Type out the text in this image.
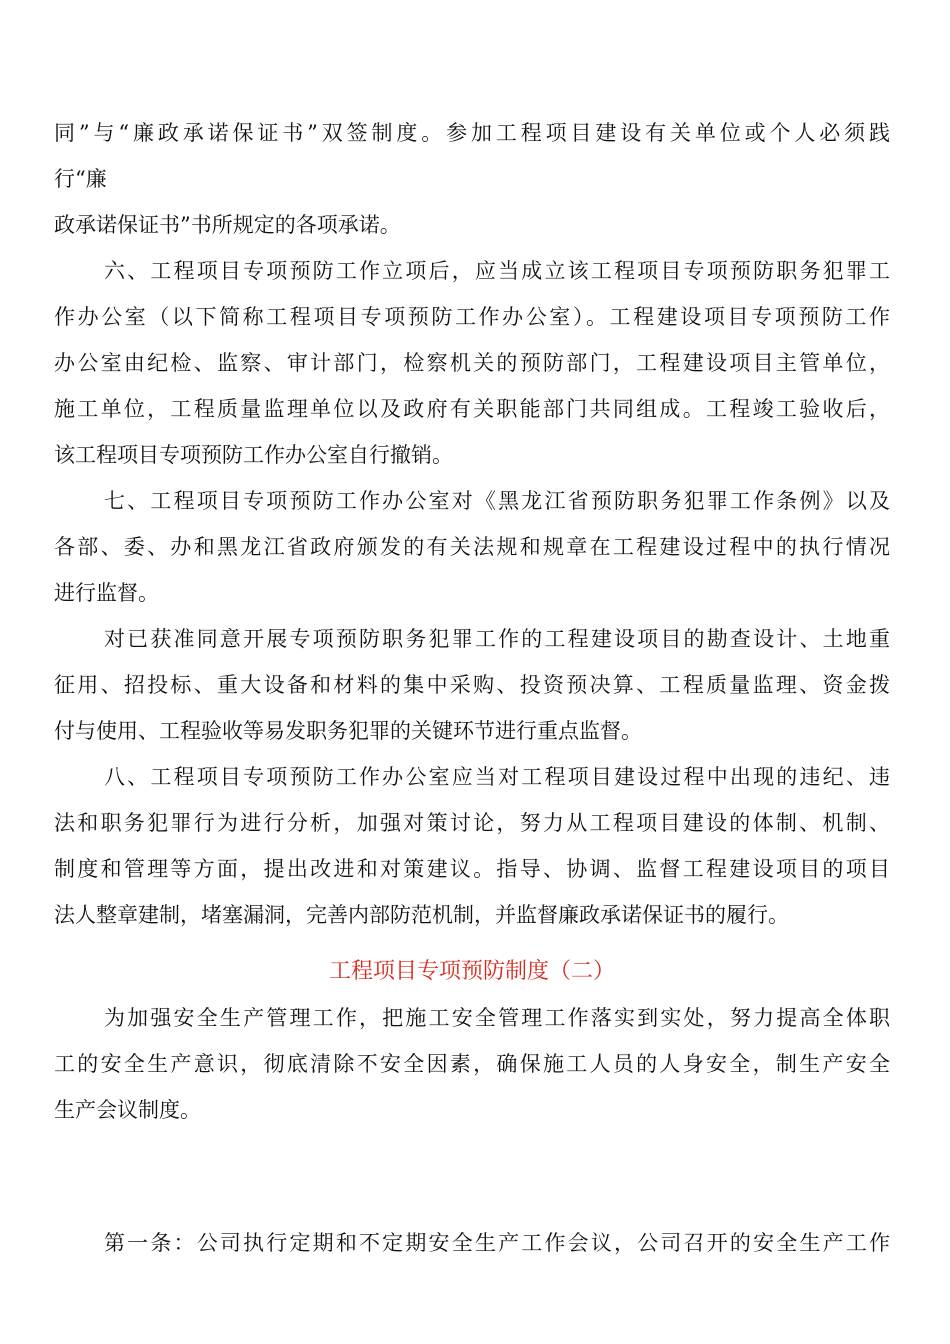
同”与“廉政承诺保证书”双签制度。参加工程项目建设有关单位或个人必须践
行“廉
政承诺保证书”书所规定的各项承诺。
六、工程项目专项预防工作立项后，应当成立该工程项目专项预防职务犯罪工
作办公室（以下简称工程项目专项预防工作办公室）。工程建设项目专项预防工作
办公室由纪检、监察、审计部门，检察机关的预防部门，工程建设项目主管单位，
施工单位，工程质量监理单位以及政府有关职能部门共同组成。工程竣工验收后，
该工程项目专项预防工作办公室自行撤销。
七、工程项目专项预防工作办公室对《黑龙江省预防职务犯罪工作条例》以及
各部、委、办和黑龙江省政府颁发的有关法规和规章在工程建设过程中的执行情况
进行监督。
对已获准同意开展专项预防职务犯罪工作的工程建设项目的勘查设计、土地重
征用、招投标、重大设备和材料的集中采购、投资预决算、工程质量监理、资金拨
付与使用、工程验收等易发职务犯罪的关键环节进行重点监督。
八、工程项目专项预防工作办公室应当对工程项目建设过程中出现的违纪、违
法和职务犯罪行为进行分析，加强对策讨论，努力从工程项目建设的体制、机制、
制度和管理等方面，提出改进和对策建议。指导、协调、监督工程建设项目的项目
法人整章建制，堵塞漏洞，完善内部防范机制，并监督廉政承诺保证书的履行。
工程项目专项预防制度（二）
为加强安全生产管理工作，把施工安全管理工作落实到实处，努力提高全体职
工的安全生产意识，彻底清除不安全因素，确保施工人员的人身安全，制生产安全
生产会议制度。
第一条：公司执行定期和不定期安全生产工作会议，公司召开的安全生产工作
